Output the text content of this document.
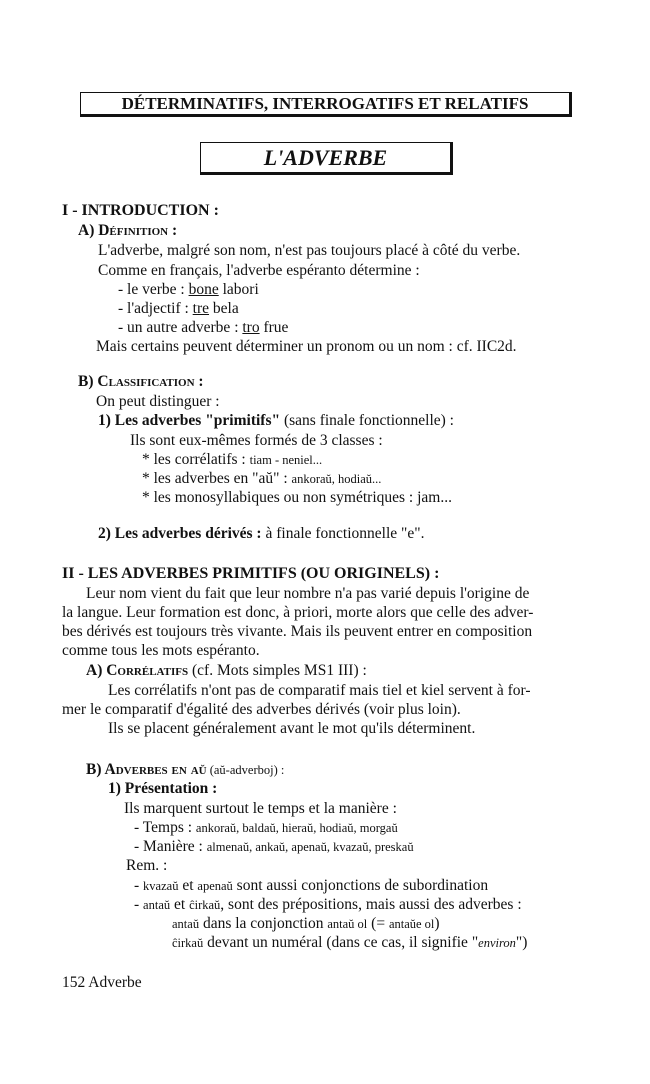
DÉTERMINATIFS, INTERROGATIFS ET RELATIFS
L'ADVERBE
I - INTRODUCTION :
A) Définition :
L'adverbe, malgré son nom, n'est pas toujours placé à côté du verbe.
Comme en français, l'adverbe espéranto détermine :
- le verbe : bone labori
- l'adjectif : tre bela
- un autre adverbe : tro frue
Mais certains peuvent déterminer un pronom ou un nom : cf. IIC2d.
B) Classification :
On peut distinguer :
1) Les adverbes "primitifs" (sans finale fonctionnelle) :
Ils sont eux-mêmes formés de 3 classes :
* les corrélatifs : tiam - neniel...
* les adverbes en "aŭ" : ankoraŭ, hodiaŭ...
* les monosyllabiques ou non symétriques : jam...
2) Les adverbes dérivés : à finale fonctionnelle "e".
II - LES ADVERBES PRIMITIFS (OU ORIGINELS) :
Leur nom vient du fait que leur nombre n'a pas varié depuis l'origine de
la langue. Leur formation est donc, à priori, morte alors que celle des adver-
bes dérivés est toujours très vivante. Mais ils peuvent entrer en composition
comme tous les mots espéranto.
A) Corrélatifs (cf. Mots simples MS1 III) :
Les corrélatifs n'ont pas de comparatif mais tiel et kiel servent à for-
mer le comparatif d'égalité des adverbes dérivés (voir plus loin).
Ils se placent généralement avant le mot qu'ils déterminent.
B) Adverbes en aŭ (aŭ-adverboj) :
1) Présentation :
Ils marquent surtout le temps et la manière :
- Temps : ankoraŭ, baldaŭ, hieraŭ, hodiaŭ, morgaŭ
- Manière : almenaŭ, ankaŭ, apenaŭ, kvazaŭ, preskaŭ
Rem. :
- kvazaŭ et apenaŭ sont aussi conjonctions de subordination
- antaŭ et ĉirkaŭ, sont des prépositions, mais aussi des adverbes :
antaŭ dans la conjonction antaŭ ol (= antaŭe ol)
ĉirkaŭ devant un numéral (dans ce cas, il signifie "environ")
152 Adverbe
